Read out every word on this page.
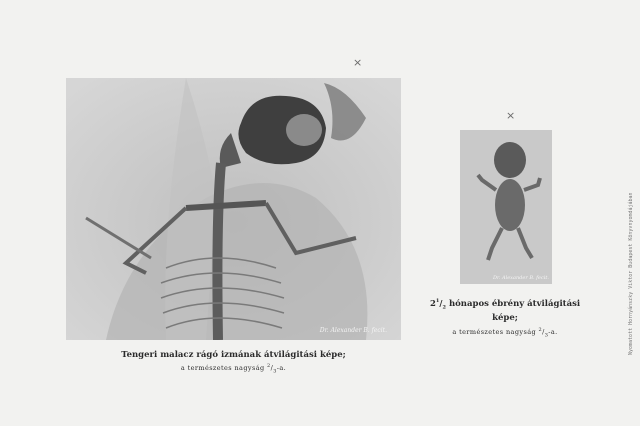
×
×
Dr. Alexander B. fecit.
Dr. Alexander B. fecit.
Tengeri malacz rágó izmának átvilágitási képe;
a természetes nagyság $^2/_3-a$.
$2^1/_2$ hónapos ébrény átvilágitási
képe;
a természetes nagyság $^2/_3-a$.	Nyomatott Hornyánszky Viktor Budapest Könyvnyomdájában
